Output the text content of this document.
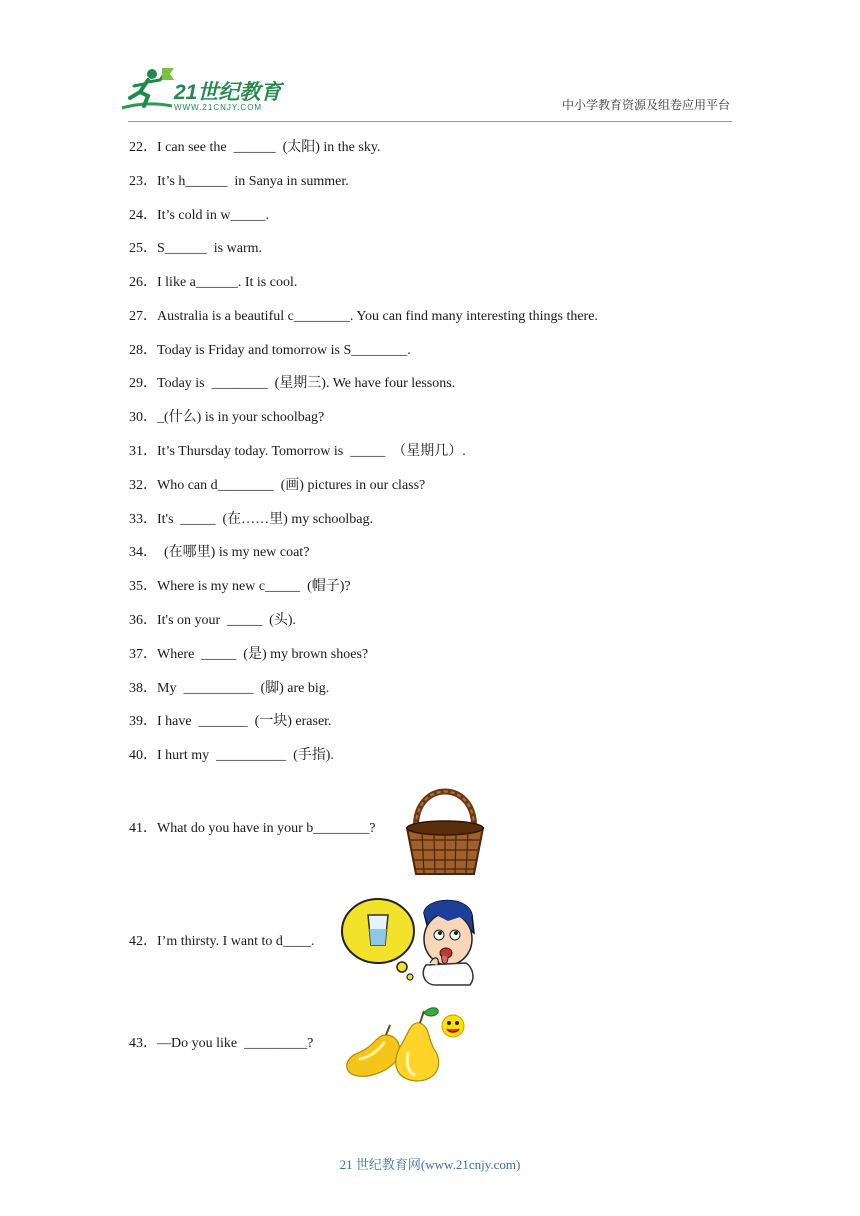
21世纪教育
WWW.21CNJY.COM	中小学教育资源及组卷应用平台
22．I can see the  ______  (太阳) in the sky.
23．It’s h______  in Sanya in summer.
24．It’s cold in w_____.
25．S______  is warm.
26．I like a______. It is cool.
27．Australia is a beautiful c________. You can find many interesting things there.
28．Today is Friday and tomorrow is S________.
29．Today is  ________  (星期三). We have four lessons.
30．_(什么) is in your schoolbag?
31．It’s Thursday today. Tomorrow is  _____  （星期几）.
32．Who can d________  (画) pictures in our class?
33．It's  _____  (在……里) my schoolbag.
34．  (在哪里) is my new coat?
35．Where is my new c_____  (帽子)?
36．It's on your  _____  (头).
37．Where  _____  (是) my brown shoes?
38．My  __________  (脚) are big.
39．I have  _______  (一块) eraser.
40．I hurt my  __________  (手指).
41．What do you have in your b________?
42．I’m thirsty. I want to d____.
43．—Do you like  _________?
21 世纪教育网(www.21cnjy.com)
